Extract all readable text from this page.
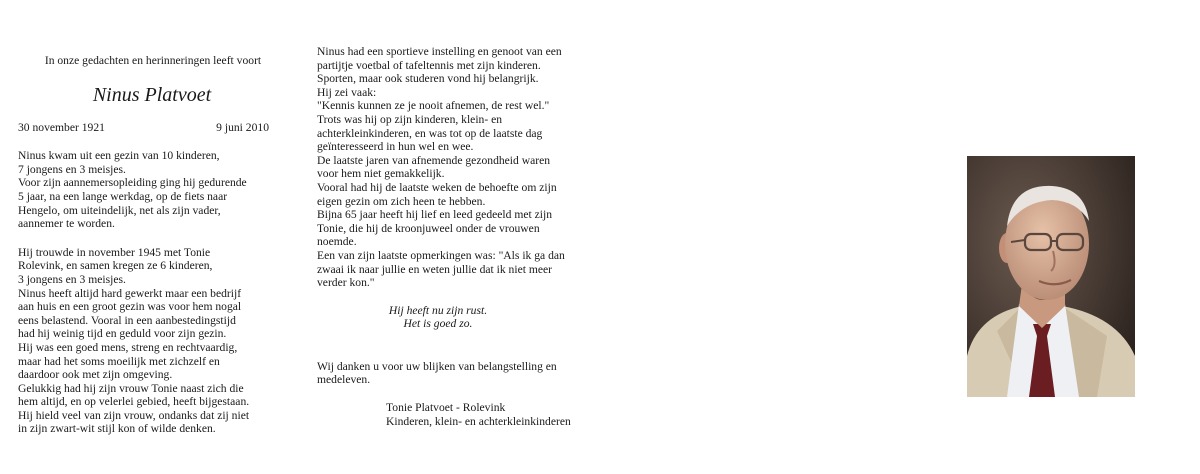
In onze gedachten en herinneringen leeft voort
Ninus Platvoet
30 november 1921	9 juni 2010
Ninus kwam uit een gezin van 10 kinderen,
7 jongens en 3 meisjes.
Voor zijn aannemersopleiding ging hij gedurende
5 jaar, na een lange werkdag, op de fiets naar
Hengelo, om uiteindelijk, net als zijn vader,
aannemer te worden.
Hij trouwde in november 1945 met Tonie
Rolevink, en samen kregen ze 6 kinderen,
3 jongens en 3 meisjes.
Ninus heeft altijd hard gewerkt maar een bedrijf
aan huis en een groot gezin was voor hem nogal
eens belastend. Vooral in een aanbestedingstijd
had hij weinig tijd en geduld voor zijn gezin.
Hij was een goed mens, streng en rechtvaardig,
maar had het soms moeilijk met zichzelf en
daardoor ook met zijn omgeving.
Gelukkig had hij zijn vrouw Tonie naast zich die
hem altijd, en op velerlei gebied, heeft bijgestaan.
Hij hield veel van zijn vrouw, ondanks dat zij niet
in zijn zwart-wit stijl kon of wilde denken.
Ninus had een sportieve instelling en genoot van een
partijtje voetbal of tafeltennis met zijn kinderen.
Sporten, maar ook studeren vond hij belangrijk.
Hij zei vaak:
"Kennis kunnen ze je nooit afnemen, de rest wel."
Trots was hij op zijn kinderen, klein- en
achterkleinkinderen, en was tot op de laatste dag
geïnteresseerd in hun wel en wee.
De laatste jaren van afnemende gezondheid waren
voor hem niet gemakkelijk.
Vooral had hij de laatste weken de behoefte om zijn
eigen gezin om zich heen te hebben.
Bijna 65 jaar heeft hij lief en leed gedeeld met zijn
Tonie, die hij de kroonjuweel onder de vrouwen
noemde.
Een van zijn laatste opmerkingen was: "Als ik ga dan
zwaai ik naar jullie en weten jullie dat ik niet meer
verder kon."
Hij heeft nu zijn rust.
Het is goed zo.
Wij danken u voor uw blijken van belangstelling en
medeleven.
Tonie Platvoet - Rolevink
Kinderen, klein- en achterkleinkinderen
